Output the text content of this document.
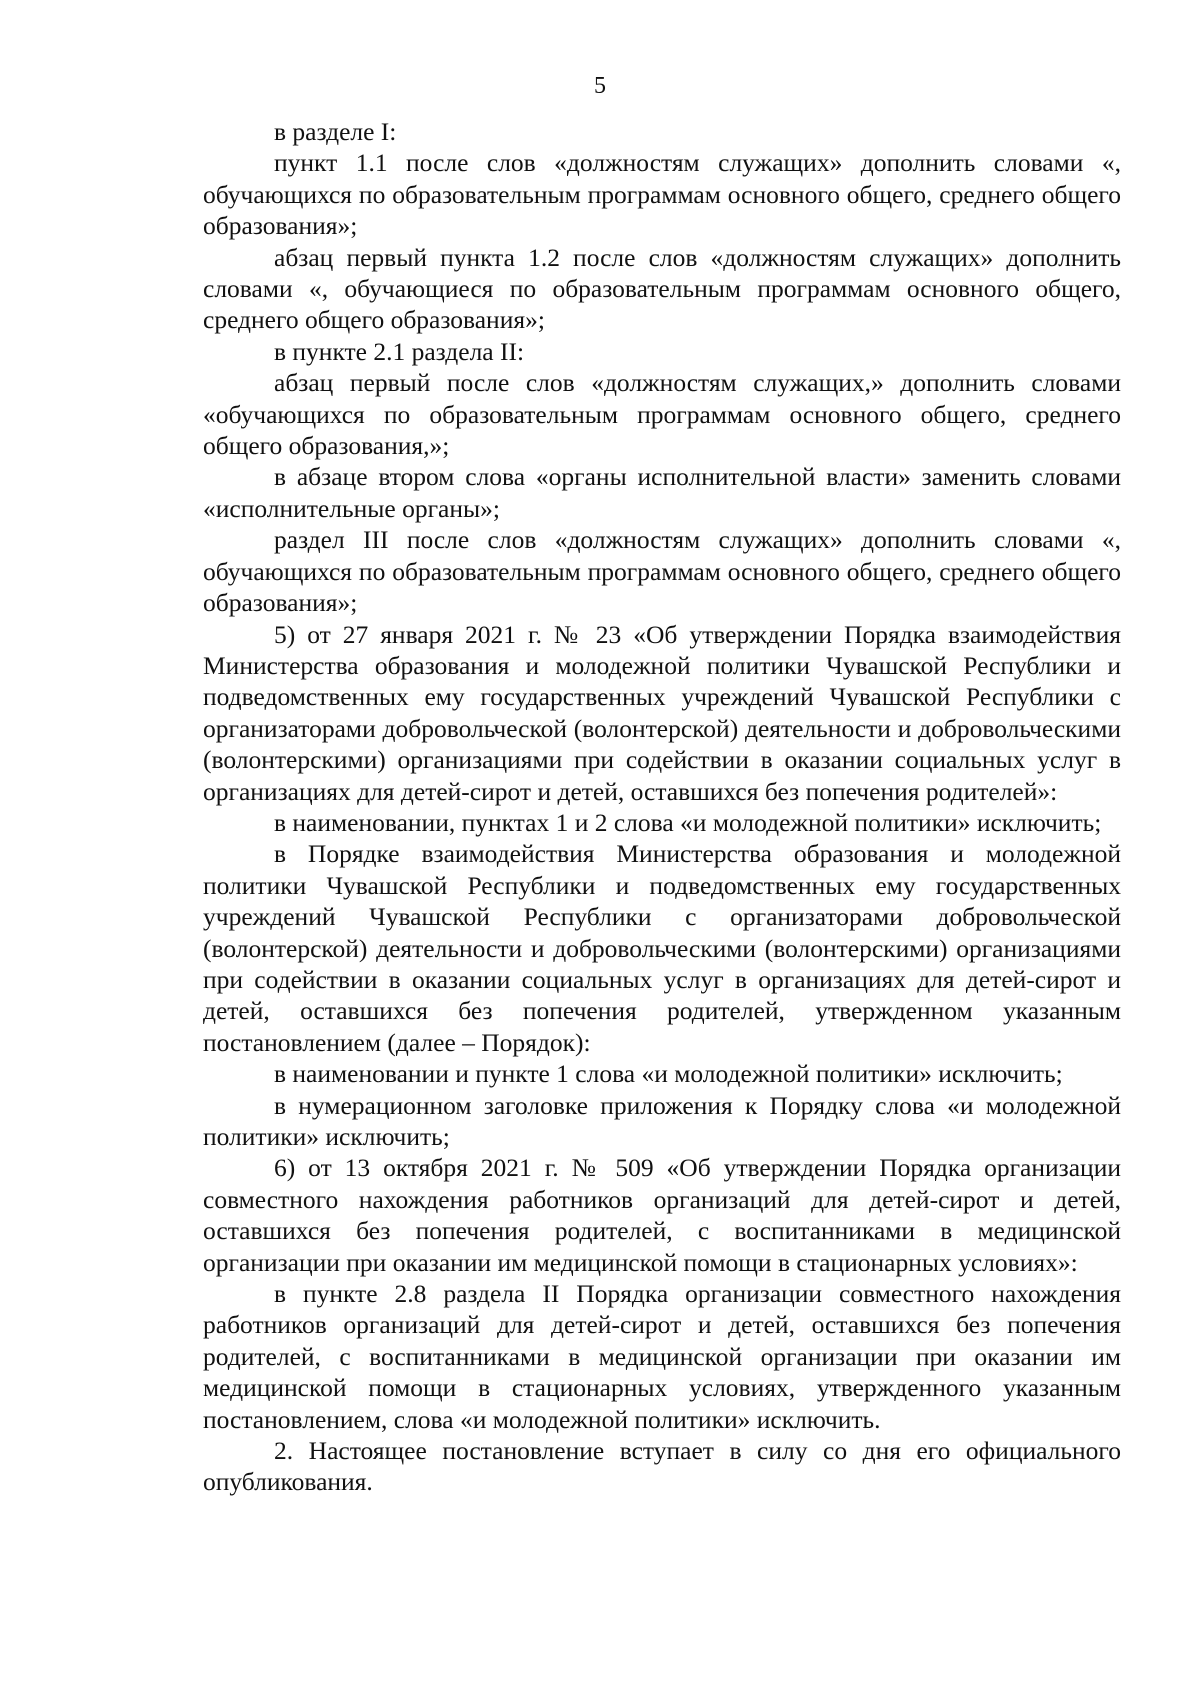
5

в разделе I:

пункт 1.1 после слов «должностям служащих» дополнить словами «, обучающихся по образовательным программам основного общего, среднего общего образования»;

абзац первый пункта 1.2 после слов «должностям служащих» дополнить словами «, обучающиеся по образовательным программам основного общего, среднего общего образования»;

в пункте 2.1 раздела II:

абзац первый после слов «должностям служащих,» дополнить словами «обучающихся по образовательным программам основного общего, среднего общего образования,»;

в абзаце втором слова «органы исполнительной власти» заменить словами «исполнительные органы»;

раздел III после слов «должностям служащих» дополнить словами «, обучающихся по образовательным программам основного общего, среднего общего образования»;

5) от 27 января 2021 г. № 23 «Об утверждении Порядка взаимодействия Министерства образования и молодежной политики Чувашской Республики и подведомственных ему государственных учреждений Чувашской Республики с организаторами добровольческой (волонтерской) деятельности и добровольческими (волонтерскими) организациями при содействии в оказании социальных услуг в организациях для детей-сирот и детей, оставшихся без попечения родителей»:

в наименовании, пунктах 1 и 2 слова «и молодежной политики» исключить;

в Порядке взаимодействия Министерства образования и молодежной политики Чувашской Республики и подведомственных ему государственных учреждений Чувашской Республики с организаторами добровольческой (волонтерской) деятельности и добровольческими (волонтерскими) организациями при содействии в оказании социальных услуг в организациях для детей-сирот и детей, оставшихся без попечения родителей, утвержденном указанным постановлением (далее – Порядок):

в наименовании и пункте 1 слова «и молодежной политики» исключить;

в нумерационном заголовке приложения к Порядку слова «и молодежной политики» исключить;

6) от 13 октября 2021 г. № 509 «Об утверждении Порядка организации совместного нахождения работников организаций для детей-сирот и детей, оставшихся без попечения родителей, с воспитанниками в медицинской организации при оказании им медицинской помощи в стационарных условиях»:

в пункте 2.8 раздела II Порядка организации совместного нахождения работников организаций для детей-сирот и детей, оставшихся без попечения родителей, с воспитанниками в медицинской организации при оказании им медицинской помощи в стационарных условиях, утвержденного указанным постановлением, слова «и молодежной политики» исключить.

2. Настоящее постановление вступает в силу со дня его официального опубликования.
